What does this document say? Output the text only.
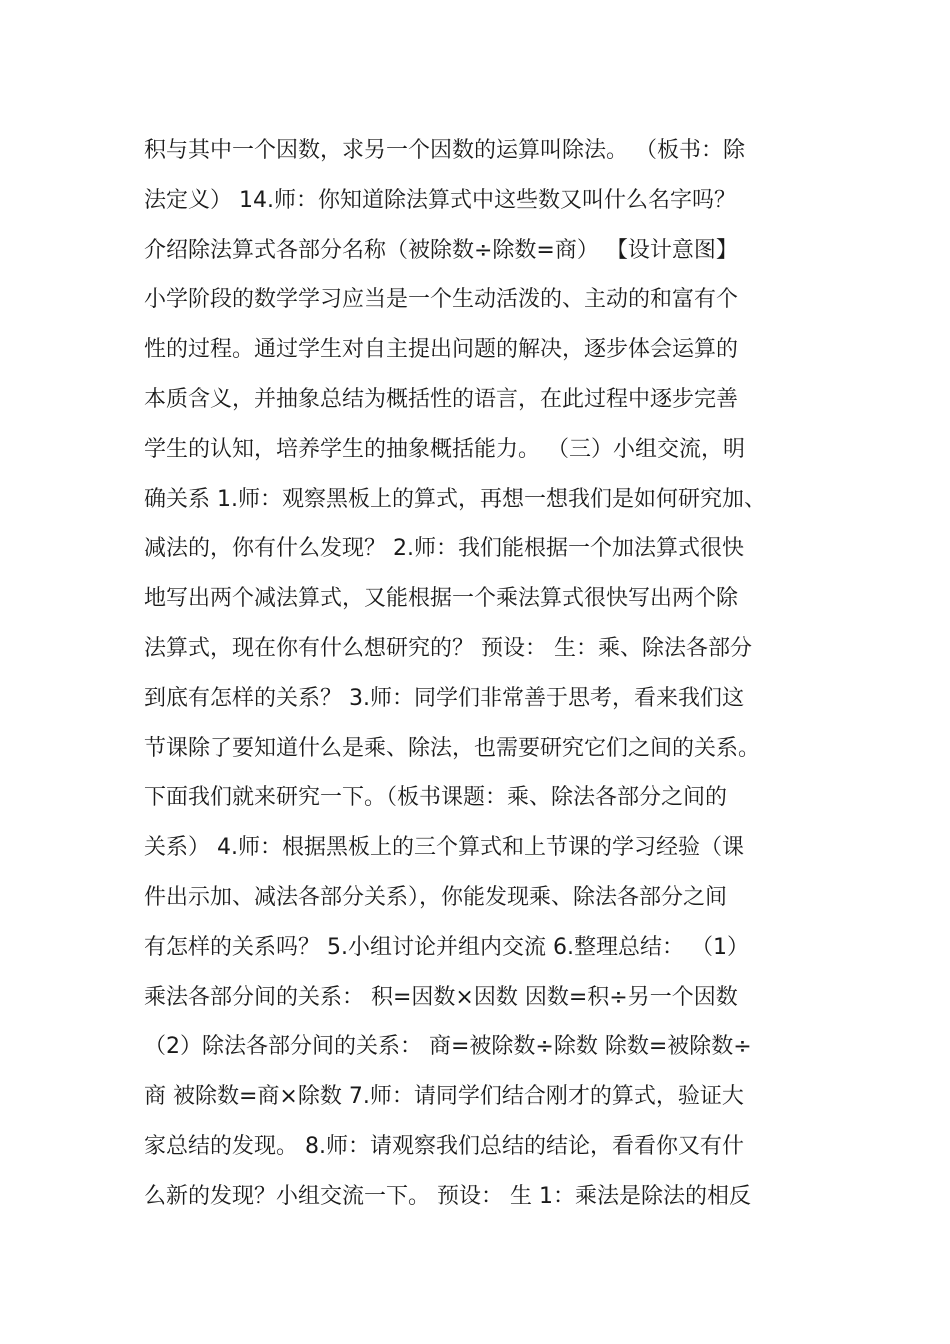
积与其中一个因数，求另一个因数的运算叫除法。 （板书：除
法定义） 14.师：你知道除法算式中这些数又叫什么名字吗？
介绍除法算式各部分名称（被除数÷除数=商） 【设计意图】
小学阶段的数学学习应当是一个生动活泼的、主动的和富有个
性的过程。通过学生对自主提出问题的解决，逐步体会运算的
本质含义，并抽象总结为概括性的语言，在此过程中逐步完善
学生的认知，培养学生的抽象概括能力。 （三）小组交流，明
确关系 1.师：观察黑板上的算式，再想一想我们是如何研究加、
减法的，你有什么发现？ 2.师：我们能根据一个加法算式很快
地写出两个减法算式，又能根据一个乘法算式很快写出两个除
法算式，现在你有什么想研究的？ 预设： 生：乘、除法各部分
到底有怎样的关系？ 3.师：同学们非常善于思考，看来我们这
节课除了要知道什么是乘、除法，也需要研究它们之间的关系。
下面我们就来研究一下。（板书课题：乘、除法各部分之间的
关系） 4.师：根据黑板上的三个算式和上节课的学习经验（课
件出示加、减法各部分关系），你能发现乘、除法各部分之间
有怎样的关系吗？ 5.小组讨论并组内交流 6.整理总结： （1）
乘法各部分间的关系： 积=因数×因数 因数=积÷另一个因数
（2）除法各部分间的关系： 商=被除数÷除数 除数=被除数÷
商 被除数=商×除数 7.师：请同学们结合刚才的算式，验证大
家总结的发现。 8.师：请观察我们总结的结论，看看你又有什
么新的发现？小组交流一下。 预设： 生 1：乘法是除法的相反
